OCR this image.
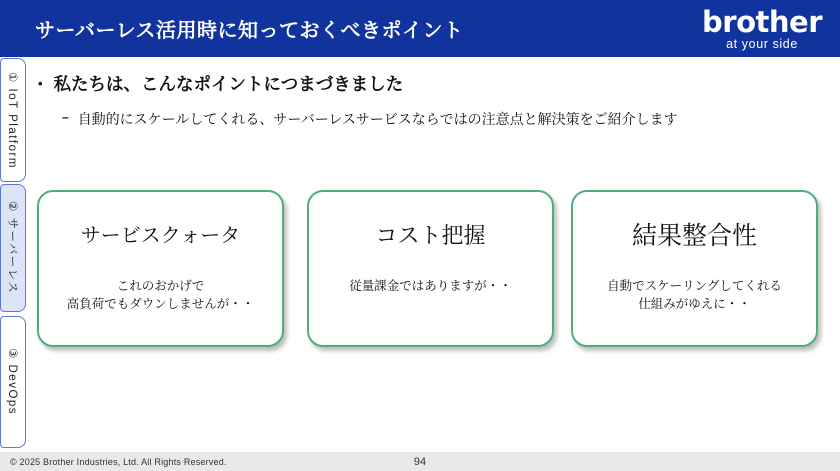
サーバーレス活用時に知っておくべきポイント	brother
at your side
① IoT Platform
② サーバーレス
③ DevOps
• 私たちは、こんなポイントにつまづきました
– 自動的にスケールしてくれる、サーバーレスサービスならではの注意点と解決策をご紹介します
サービスクォータ
これのおかげで
高負荷でもダウンしませんが・・
コスト把握
従量課金ではありますが・・
結果整合性
自動でスケーリングしてくれる
仕組みがゆえに・・
© 2025 Brother Industries, Ltd. All Rights Reserved.	94
